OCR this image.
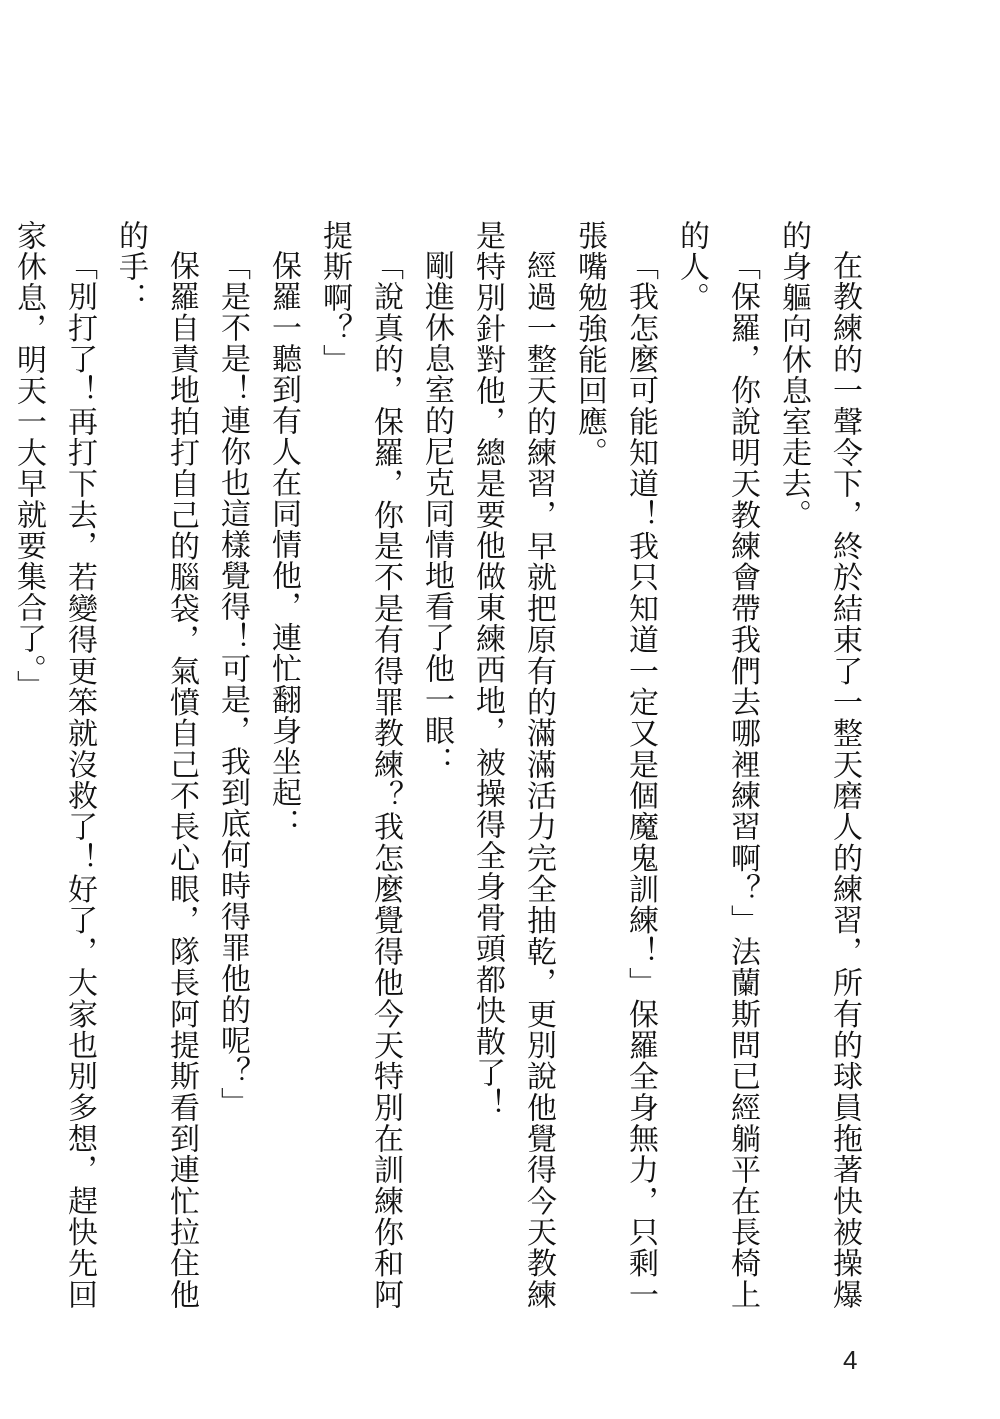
在教練的一聲令下，終於結束了一整天磨人的練習，所有的球員拖著快被操爆的身軀向休息室走去。

「保羅，你說明天教練會帶我們去哪裡練習啊？」法蘭斯問已經躺平在長椅上的人。

「我怎麼可能知道！我只知道一定又是個魔鬼訓練！」保羅全身無力，只剩一張嘴勉強能回應。

經過一整天的練習，早就把原有的滿滿活力完全抽乾，更別說他覺得今天教練是特別針對他，總是要他做東練西地，被操得全身骨頭都快散了！

剛進休息室的尼克同情地看了他一眼：

「說真的，保羅，你是不是有得罪教練？我怎麼覺得他今天特別在訓練你和阿提斯啊？」

保羅一聽到有人在同情他，連忙翻身坐起：

「是不是！連你也這樣覺得！可是，我到底何時得罪他的呢？」

保羅自責地拍打自己的腦袋，氣憤自己不長心眼，隊長阿提斯看到連忙拉住他的手：

「別打了！再打下去，若變得更笨就沒救了！好了，大家也別多想，趕快先回家休息，明天一大早就要集合了。」

4
